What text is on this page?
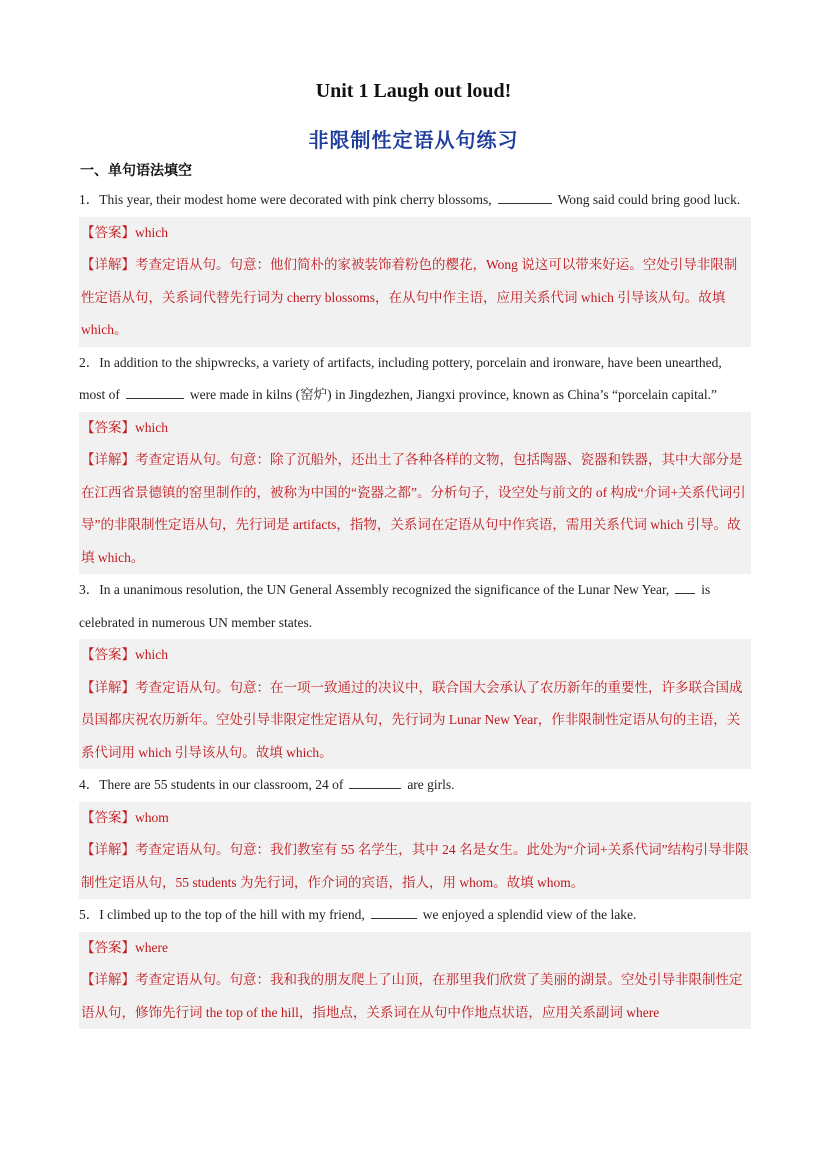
Unit 1 Laugh out loud!
非限制性定语从句练习
一、单句语法填空

1．This year, their modest home were decorated with pink cherry blossoms,	Wong said could bring good luck.

【答案】which

【详解】考查定语从句。句意：他们简朴的家被装饰着粉色的樱花，Wong 说这可以带来好运。空处引导非限制性定语从句，关系词代替先行词为 cherry blossoms，在从句中作主语，应用关系代词 which 引导该从句。故填 which。

2．In addition to the shipwrecks, a variety of artifacts, including pottery, porcelain and ironware, have been unearthed, most of	were made in kilns (窑炉) in Jingdezhen, Jiangxi province, known as China’s “porcelain capital.”

【答案】which

【详解】考查定语从句。句意：除了沉船外，还出土了各种各样的文物，包括陶器、瓷器和铁器，其中大部分是在江西省景德镇的窑里制作的，被称为中国的“瓷器之都”。分析句子，设空处与前文的 of 构成“介词+关系代词引导”的非限制性定语从句，先行词是 artifacts，指物，关系词在定语从句中作宾语，需用关系代词 which 引导。故填 which。

3．In a unanimous resolution, the UN General Assembly recognized the significance of the Lunar New Year, is celebrated in numerous UN member states.

【答案】which

【详解】考查定语从句。句意：在一项一致通过的决议中，联合国大会承认了农历新年的重要性，许多联合国成员国都庆祝农历新年。空处引导非限定性定语从句，先行词为 Lunar New Year，作非限制性定语从句的主语，关系代词用 which 引导该从句。故填 which。

4．There are 55 students in our classroom, 24 of	are girls.

【答案】whom

【详解】考查定语从句。句意：我们教室有 55 名学生，其中 24 名是女生。此处为“介词+关系代词”结构引导非限制性定语从句，55 students 为先行词，作介词的宾语，指人，用 whom。故填 whom。

5．I climbed up to the top of the hill with my friend,	we enjoyed a splendid view of the lake.

【答案】where

【详解】考查定语从句。句意：我和我的朋友爬上了山顶，在那里我们欣赏了美丽的湖景。空处引导非限制性定语从句，修饰先行词 the top of the hill，指地点，关系词在从句中作地点状语，应用关系副词 where
